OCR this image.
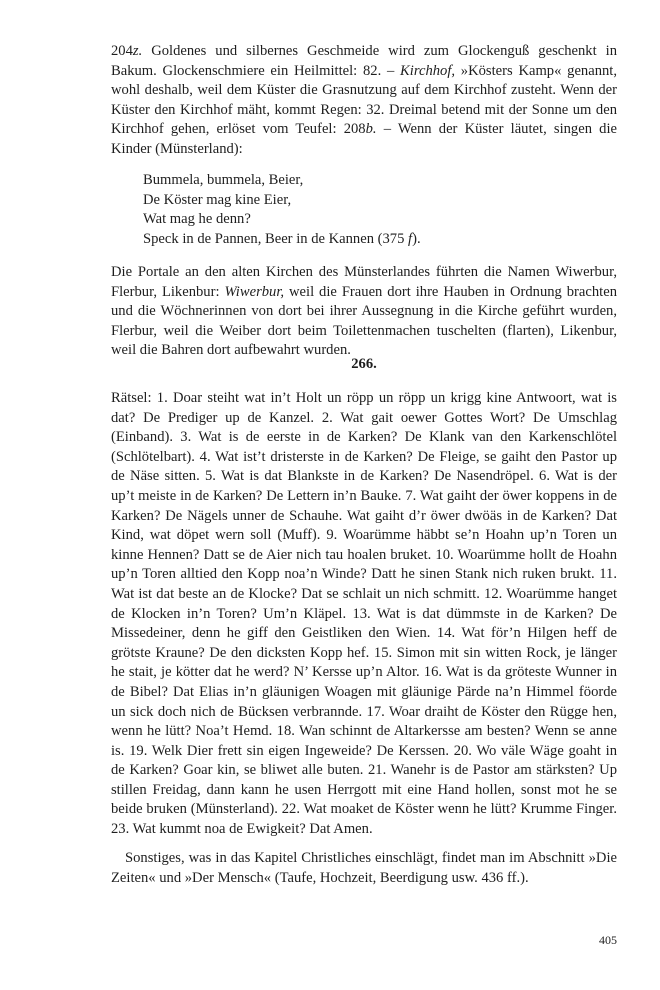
204z. Goldenes und silbernes Geschmeide wird zum Glockenguß geschenkt in Bakum. Glockenschmiere ein Heilmittel: 82. – Kirchhof, »Kösters Kamp« genannt, wohl deshalb, weil dem Küster die Grasnutzung auf dem Kirchhof zusteht. Wenn der Küster den Kirchhof mäht, kommt Regen: 32. Dreimal betend mit der Sonne um den Kirchhof gehen, erlöset vom Teufel: 208b. – Wenn der Küster läutet, singen die Kinder (Münsterland):

Bummela, bummela, Beier,
De Köster mag kine Eier,
Wat mag he denn?
Speck in de Pannen, Beer in de Kannen (375 f).

Die Portale an den alten Kirchen des Münsterlandes führten die Namen Wiwerbur, Flerbur, Likenbur: Wiwerbur, weil die Frauen dort ihre Hauben in Ordnung brachten und die Wöchnerinnen von dort bei ihrer Aussegnung in die Kirche geführt wurden, Flerbur, weil die Weiber dort beim Toilettenmachen tuschelten (flarten), Likenbur, weil die Bahren dort aufbewahrt wurden.

266.

Rätsel: 1. Doar steiht wat in’t Holt un röpp un röpp un krigg kine Antwoort, wat is dat? De Prediger up de Kanzel. 2. Wat gait oewer Gottes Wort? De Umschlag (Einband). 3. Wat is de eerste in de Karken? De Klank van den Karkenschlötel (Schlötelbart). 4. Wat ist’t dristerste in de Karken? De Fleige, se gaiht den Pastor up de Näse sitten. 5. Wat is dat Blankste in de Karken? De Nasendröpel. 6. Wat is der up’t meiste in de Karken? De Lettern in’n Bauke. 7. Wat gaiht der öwer koppens in de Karken? De Nägels unner de Schauhe. Wat gaiht d’r öwer dwöäs in de Karken? Dat Kind, wat döpet wern soll (Muff). 9. Woarümme häbbt se’n Hoahn up’n Toren un kinne Hennen? Datt se de Aier nich tau hoalen bruket. 10. Woarümme hollt de Hoahn up’n Toren alltied den Kopp noa’n Winde? Datt he sinen Stank nich ruken brukt. 11. Wat ist dat beste an de Klocke? Dat se schlait un nich schmitt. 12. Woarümme hanget de Klocken in’n Toren? Um’n Kläpel. 13. Wat is dat dümmste in de Karken? De Missedeiner, denn he giff den Geistliken den Wien. 14. Wat för’n Hilgen heff de grötste Kraune? De den dicksten Kopp hef. 15. Simon mit sin witten Rock, je länger he stait, je kötter dat he werd? N’ Kersse up’n Altor. 16. Wat is da gröteste Wunner in de Bibel? Dat Elias in’n gläunigen Woagen mit gläunige Pärde na’n Himmel föorde un sick doch nich de Bücksen verbrannde. 17. Woar draiht de Köster den Rügge hen, wenn he lütt? Noa’t Hemd. 18. Wan schinnt de Altarkersse am besten? Wenn se anne is. 19. Welk Dier frett sin eigen Ingeweide? De Kerssen. 20. Wo väle Wäge goaht in de Karken? Goar kin, se bliwet alle buten. 21. Wanehr is de Pastor am stärksten? Up stillen Freidag, dann kann he usen Herrgott mit eine Hand hollen, sonst mot he se beide bruken (Münsterland). 22. Wat moaket de Köster wenn he lütt? Krumme Finger. 23. Wat kummt noa de Ewigkeit? Dat Amen.

Sonstiges, was in das Kapitel Christliches einschlägt, findet man im Abschnitt »Die Zeiten« und »Der Mensch« (Taufe, Hochzeit, Beerdigung usw. 436 ff.).

405
